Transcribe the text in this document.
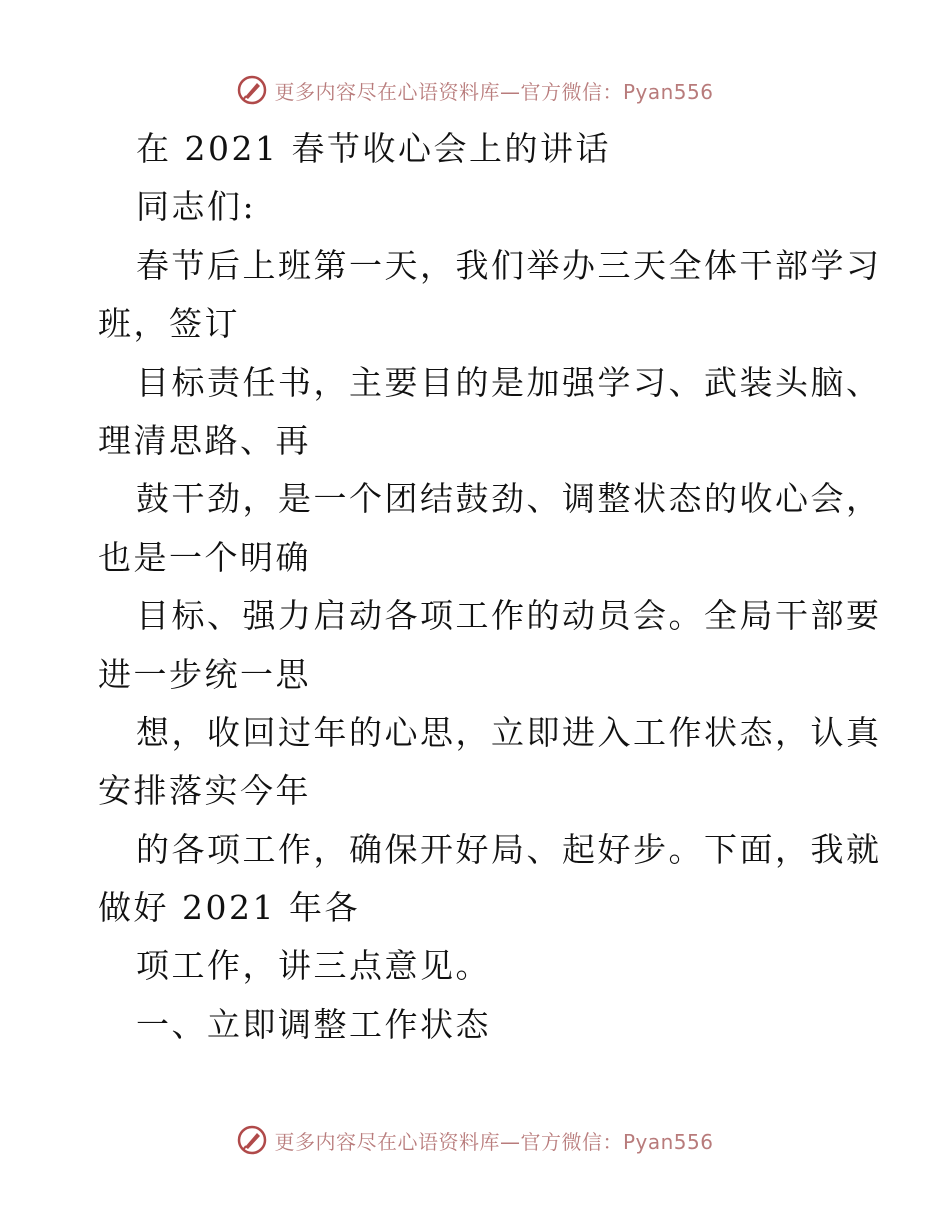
更多内容尽在心语资料库—官方微信：Pyan556
在 2021 春节收心会上的讲话
同志们:
春节后上班第一天，我们举办三天全体干部学习
班，签订
目标责任书，主要目的是加强学习、武装头脑、
理清思路、再
鼓干劲，是一个团结鼓劲、调整状态的收心会，
也是一个明确
目标、强力启动各项工作的动员会。全局干部要
进一步统一思
想，收回过年的心思，立即进入工作状态，认真
安排落实今年
的各项工作，确保开好局、起好步。下面，我就
做好 2021 年各
项工作，讲三点意见。
一、立即调整工作状态
更多内容尽在心语资料库—官方微信：Pyan556
